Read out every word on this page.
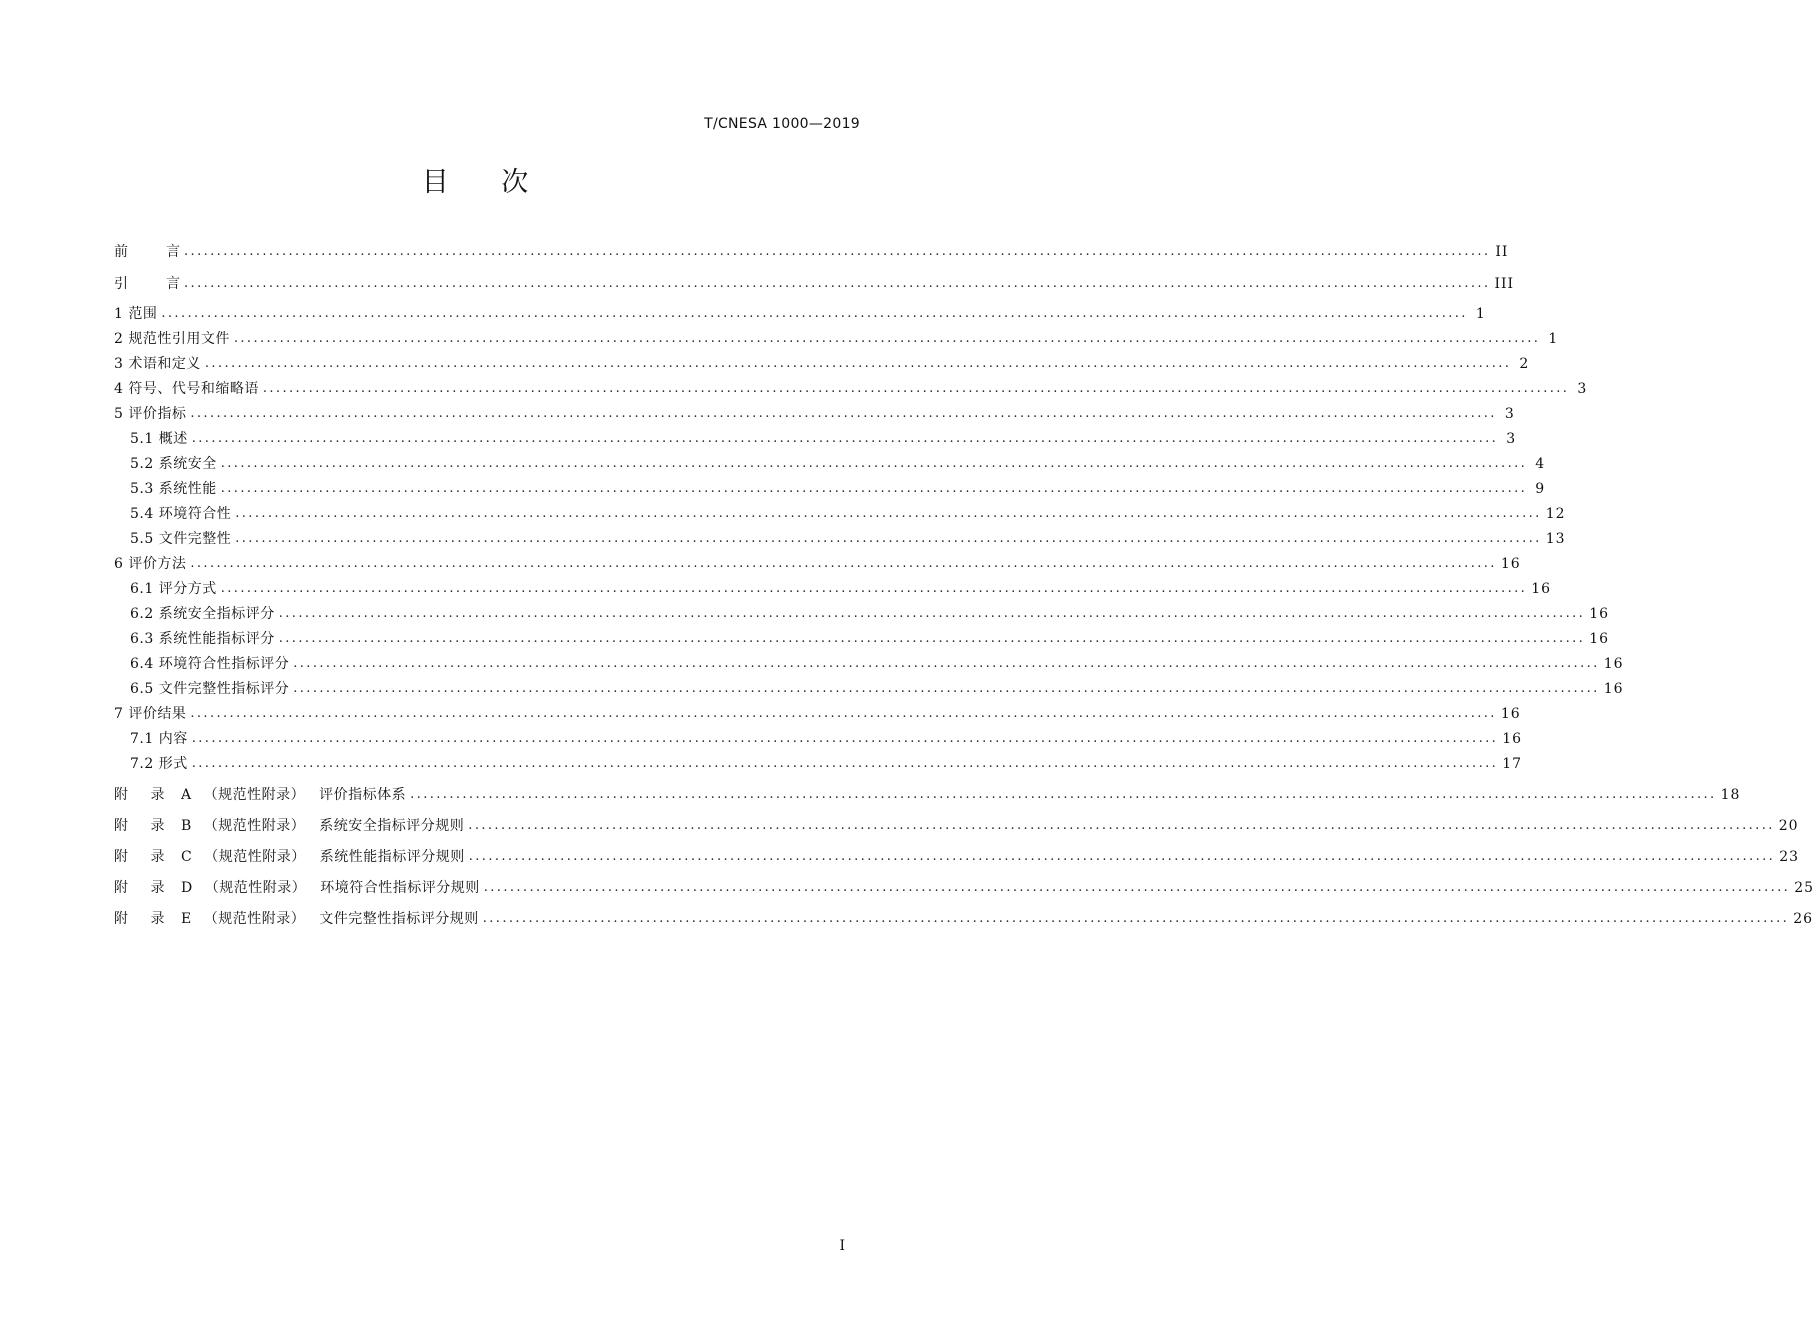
T/CNESA 1000—2019
目 次
前	言 ........................................................................................................................................................................................................ II
引	言 ........................................................................................................................................................................................................ III
1 范围 ........................................................................................................................................................................................................ 1
2 规范性引用文件 ........................................................................................................................................................................................................ 1
3 术语和定义 ........................................................................................................................................................................................................ 2
4 符号、代号和缩略语 ........................................................................................................................................................................................................ 3
5 评价指标 ........................................................................................................................................................................................................ 3
5.1 概述 ........................................................................................................................................................................................................ 3
5.2 系统安全 ........................................................................................................................................................................................................ 4
5.3 系统性能 ........................................................................................................................................................................................................ 9
5.4 环境符合性 ........................................................................................................................................................................................................ 12
5.5 文件完整性 ........................................................................................................................................................................................................ 13
6 评价方法 ........................................................................................................................................................................................................ 16
6.1 评分方式 ........................................................................................................................................................................................................ 16
6.2 系统安全指标评分 ........................................................................................................................................................................................................ 16
6.3 系统性能指标评分 ........................................................................................................................................................................................................ 16
6.4 环境符合性指标评分 ........................................................................................................................................................................................................ 16
6.5 文件完整性指标评分 ........................................................................................................................................................................................................ 16
7 评价结果 ........................................................................................................................................................................................................ 16
7.1 内容 ........................................................................................................................................................................................................ 16
7.2 形式 ........................................................................................................................................................................................................ 17
附 录 A （规范性附录） 评价指标体系 ........................................................................................................................................................................................................ 18
附 录 B （规范性附录） 系统安全指标评分规则 ........................................................................................................................................................................................................ 20
附 录 C （规范性附录） 系统性能指标评分规则 ........................................................................................................................................................................................................ 23
附 录 D （规范性附录） 环境符合性指标评分规则 ........................................................................................................................................................................................................ 25
附 录 E （规范性附录） 文件完整性指标评分规则 ........................................................................................................................................................................................................ 26
I
